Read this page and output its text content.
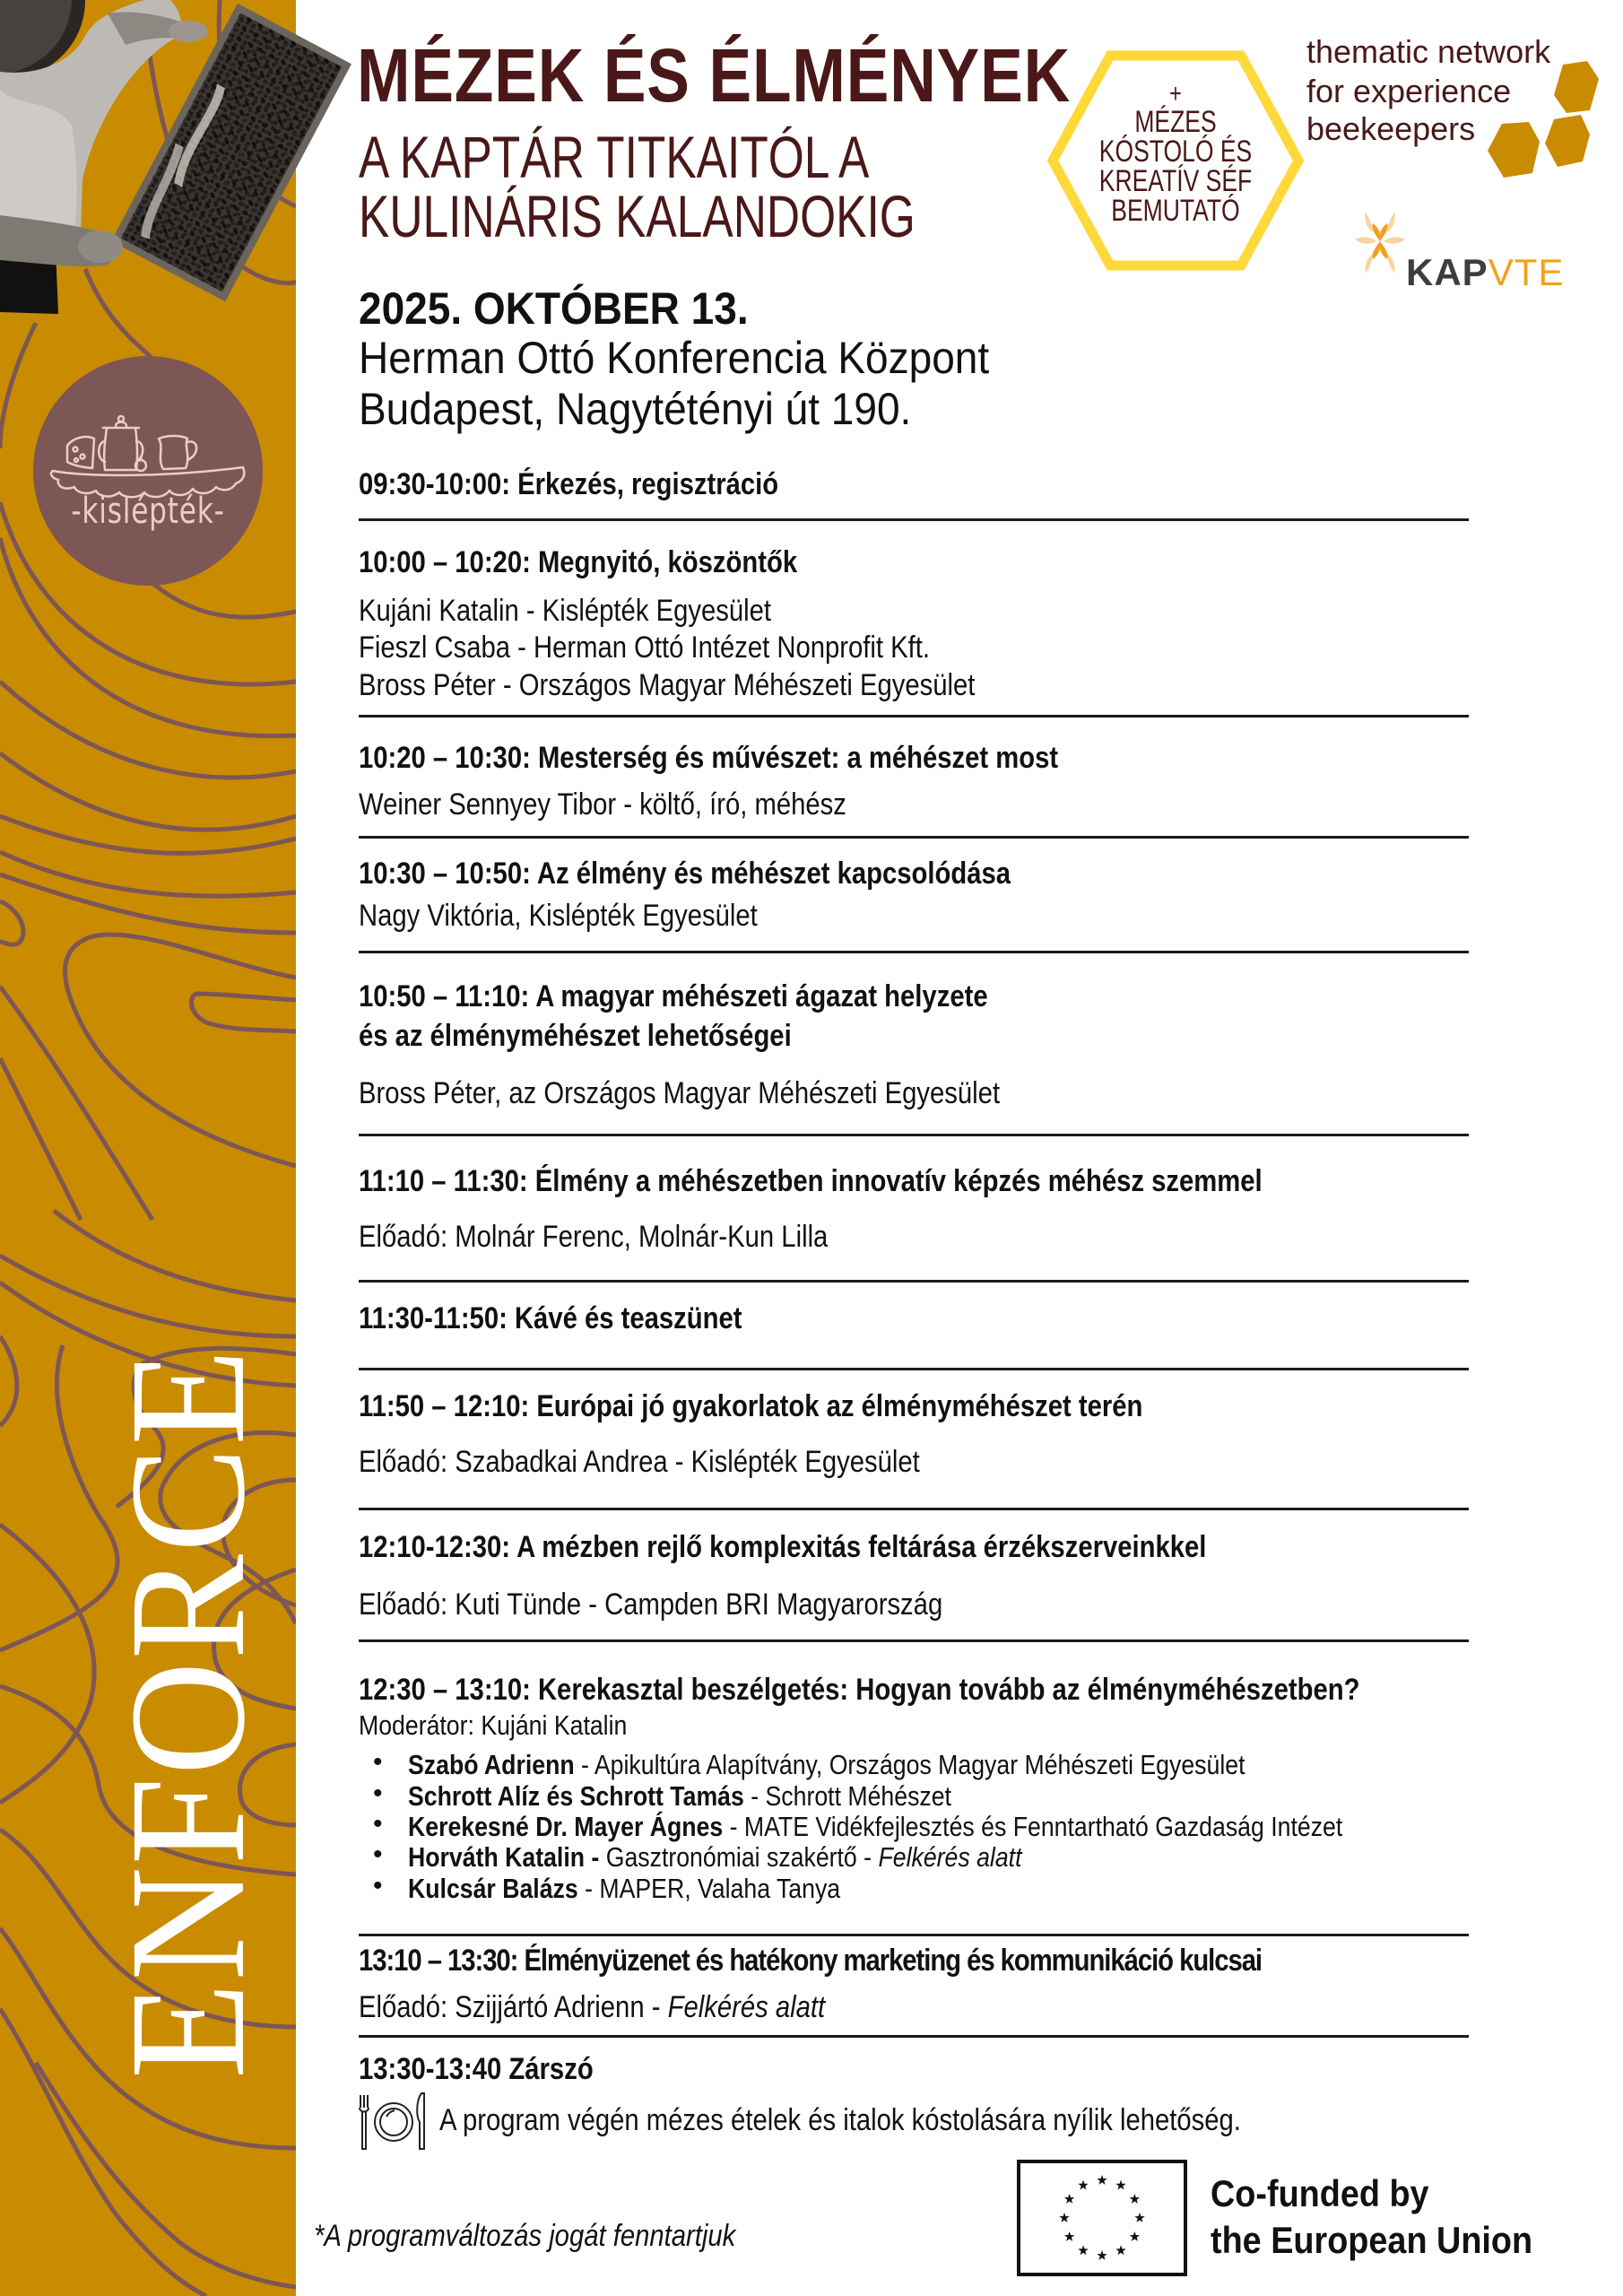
ENFORCE
-kislépték-
MÉZEK ÉS ÉLMÉNYEK
A KAPTÁR TITKAITÓL A
KULINÁRIS KALANDOKIG
2025. OKTÓBER 13.
Herman Ottó Konferencia Központ
Budapest, Nagytétényi út 190.
+
MÉZES
KÓSTOLÓ ÉS
KREATÍV SÉF
BEMUTATÓ
thematic network
for experience
beekeepers
KAPVTE
09:30-10:00: Érkezés, regisztráció
10:00 – 10:20: Megnyitó, köszöntők
Kujáni Katalin - Kislépték Egyesület
Fieszl Csaba - Herman Ottó Intézet Nonprofit Kft.
Bross Péter - Országos Magyar Méhészeti Egyesület
10:20 – 10:30: Mesterség és művészet: a méhészet most
Weiner Sennyey Tibor - költő, író, méhész
10:30 – 10:50: Az élmény és méhészet kapcsolódása
Nagy Viktória, Kislépték Egyesület
10:50 – 11:10: A magyar méhészeti ágazat helyzete
és az élményméhészet lehetőségei
Bross Péter, az Országos Magyar Méhészeti Egyesület
11:10 – 11:30: Élmény a méhészetben innovatív képzés méhész szemmel
Előadó: Molnár Ferenc, Molnár-Kun Lilla
11:30-11:50: Kávé és teaszünet
11:50 – 12:10: Európai jó gyakorlatok az élményméhészet terén
Előadó: Szabadkai Andrea - Kislépték Egyesület
12:10-12:30: A mézben rejlő komplexitás feltárása érzékszerveinkkel
Előadó: Kuti Tünde - Campden BRI Magyarország
12:30 – 13:10: Kerekasztal beszélgetés: Hogyan tovább az élményméhészetben?
Moderátor: Kujáni Katalin
• Szabó Adrienn - Apikultúra Alapítvány, Országos Magyar Méhészeti Egyesület
• Schrott Alíz és Schrott Tamás - Schrott Méhészet
• Kerekesné Dr. Mayer Ágnes - MATE Vidékfejlesztés és Fenntartható Gazdaság Intézet
• Horváth Katalin - Gasztronómiai szakértő - Felkérés alatt
• Kulcsár Balázs - MAPER, Valaha Tanya
13:10 – 13:30: Élményüzenet és hatékony marketing és kommunikáció kulcsai
Előadó: Szijjártó Adrienn - Felkérés alatt
13:30-13:40 Zárszó
A program végén mézes ételek és italok kóstolására nyílik lehetőség.
*A programváltozás jogát fenntartjuk
Co-funded by
the European Union
